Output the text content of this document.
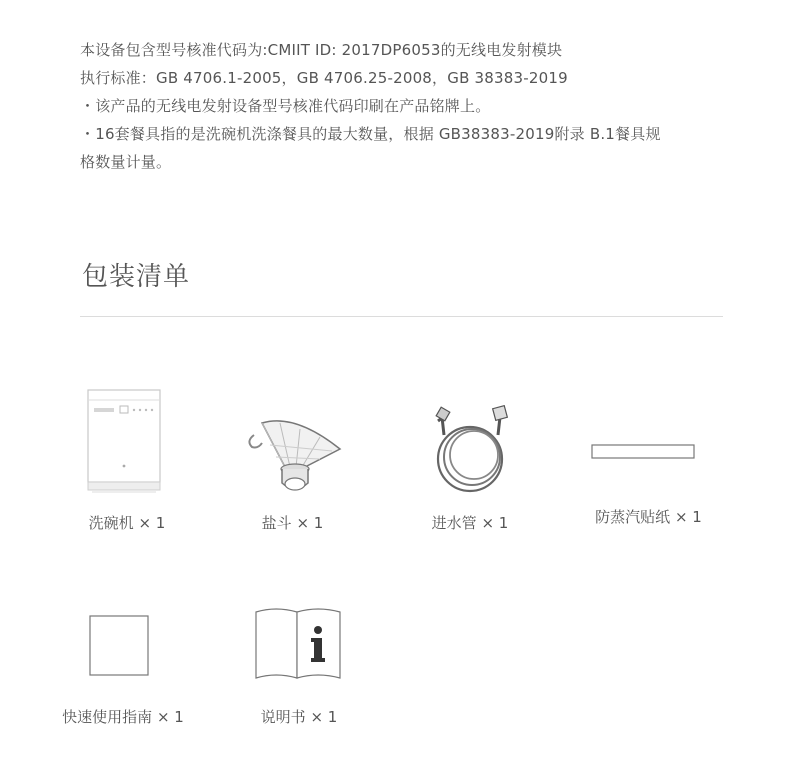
本设备包含型号核准代码为:CMIIT ID: 2017DP6053的无线电发射模块
执行标准：GB 4706.1-2005，GB 4706.25-2008，GB 38383-2019
・该产品的无线电发射设备型号核准代码印刷在产品铭牌上。
・16套餐具指的是洗碗机洗涤餐具的最大数量，根据 GB38383-2019附录 B.1餐具规
格数量计量。
包装清单
洗碗机 × 1	盐斗 × 1	进水管 × 1	防蒸汽贴纸 × 1
快速使用指南 × 1	说明书 × 1
